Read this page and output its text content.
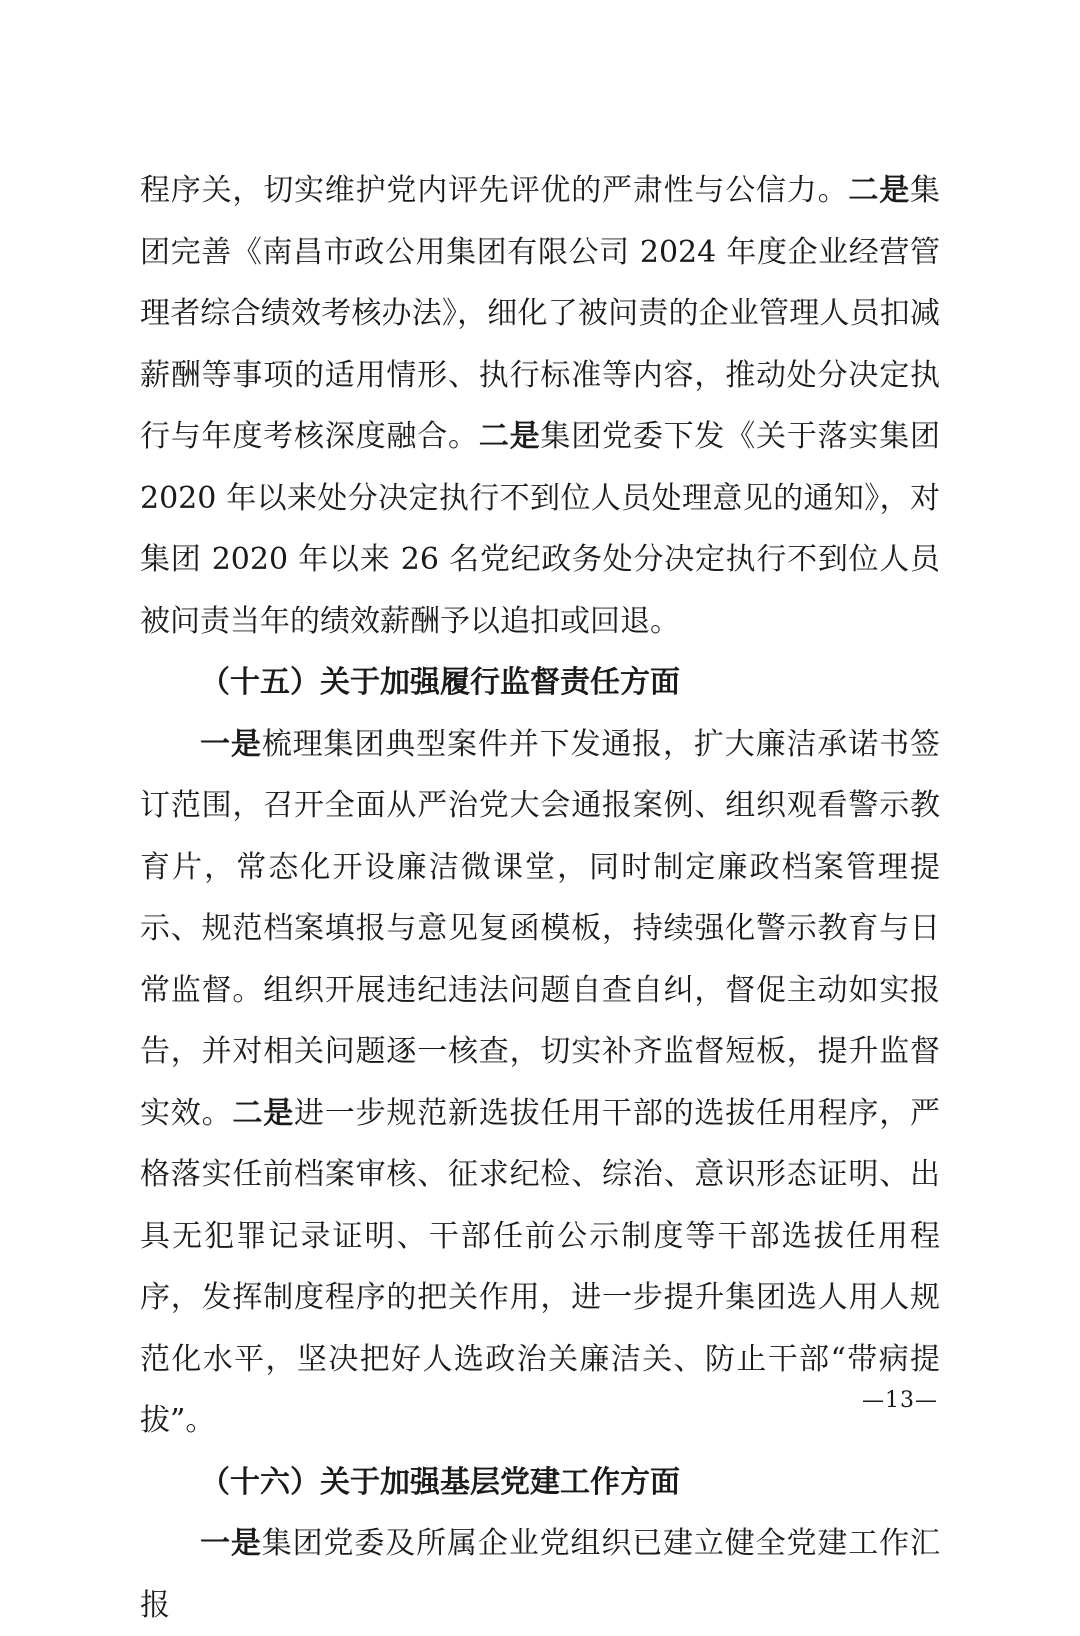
程序关，切实维护党内评先评优的严肃性与公信力。二是集团完善《南昌市政公用集团有限公司 2024 年度企业经营管理者综合绩效考核办法》，细化了被问责的企业管理人员扣减薪酬等事项的适用情形、执行标准等内容，推动处分决定执行与年度考核深度融合。二是集团党委下发《关于落实集团 2020 年以来处分决定执行不到位人员处理意见的通知》，对集团 2020 年以来 26 名党纪政务处分决定执行不到位人员被问责当年的绩效薪酬予以追扣或回退。

（十五）关于加强履行监督责任方面

一是梳理集团典型案件并下发通报，扩大廉洁承诺书签订范围，召开全面从严治党大会通报案例、组织观看警示教育片，常态化开设廉洁微课堂，同时制定廉政档案管理提示、规范档案填报与意见复函模板，持续强化警示教育与日常监督。组织开展违纪违法问题自查自纠，督促主动如实报告，并对相关问题逐一核查，切实补齐监督短板，提升监督实效。二是进一步规范新选拔任用干部的选拔任用程序，严格落实任前档案审核、征求纪检、综治、意识形态证明、出具无犯罪记录证明、干部任前公示制度等干部选拔任用程序，发挥制度程序的把关作用，进一步提升集团选人用人规范化水平，坚决把好人选政治关廉洁关、防止干部“带病提拔”。

（十六）关于加强基层党建工作方面

一是集团党委及所属企业党组织已建立健全党建工作汇报

—13—
